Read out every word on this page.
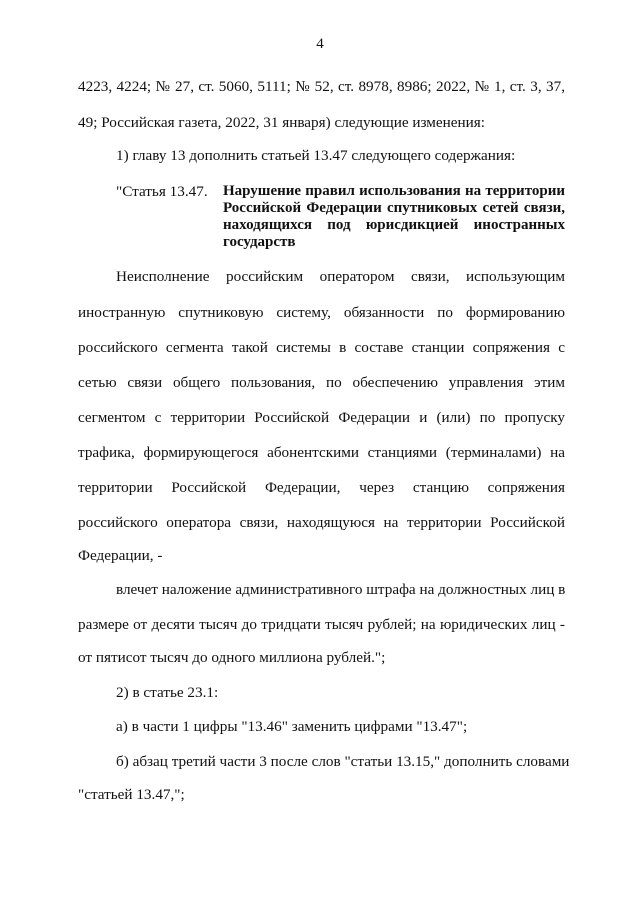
4
4223, 4224; № 27, ст. 5060, 5111; № 52, ст. 8978, 8986; 2022, № 1, ст. 3, 37,
49; Российская газета, 2022, 31 января) следующие изменения:
1) главу 13 дополнить статьей 13.47 следующего содержания:
"Статья 13.47. Нарушение правил использования на территории
Российской Федерации спутниковых сетей связи,
находящихся под юрисдикцией иностранных
государств
Неисполнение российским оператором связи, использующим
иностранную спутниковую систему, обязанности по формированию
российского сегмента такой системы в составе станции сопряжения с
сетью связи общего пользования, по обеспечению управления этим
сегментом с территории Российской Федерации и (или) по пропуску
трафика, формирующегося абонентскими станциями (терминалами) на
территории Российской Федерации, через станцию сопряжения
российского оператора связи, находящуюся на территории Российской
Федерации, -
влечет наложение административного штрафа на должностных лиц в
размере от десяти тысяч до тридцати тысяч рублей; на юридических лиц -
от пятисот тысяч до одного миллиона рублей.";
2) в статье 23.1:
а) в части 1 цифры "13.46" заменить цифрами "13.47";
б) абзац третий части 3 после слов "статьи 13.15," дополнить словами
"статьей 13.47,";
